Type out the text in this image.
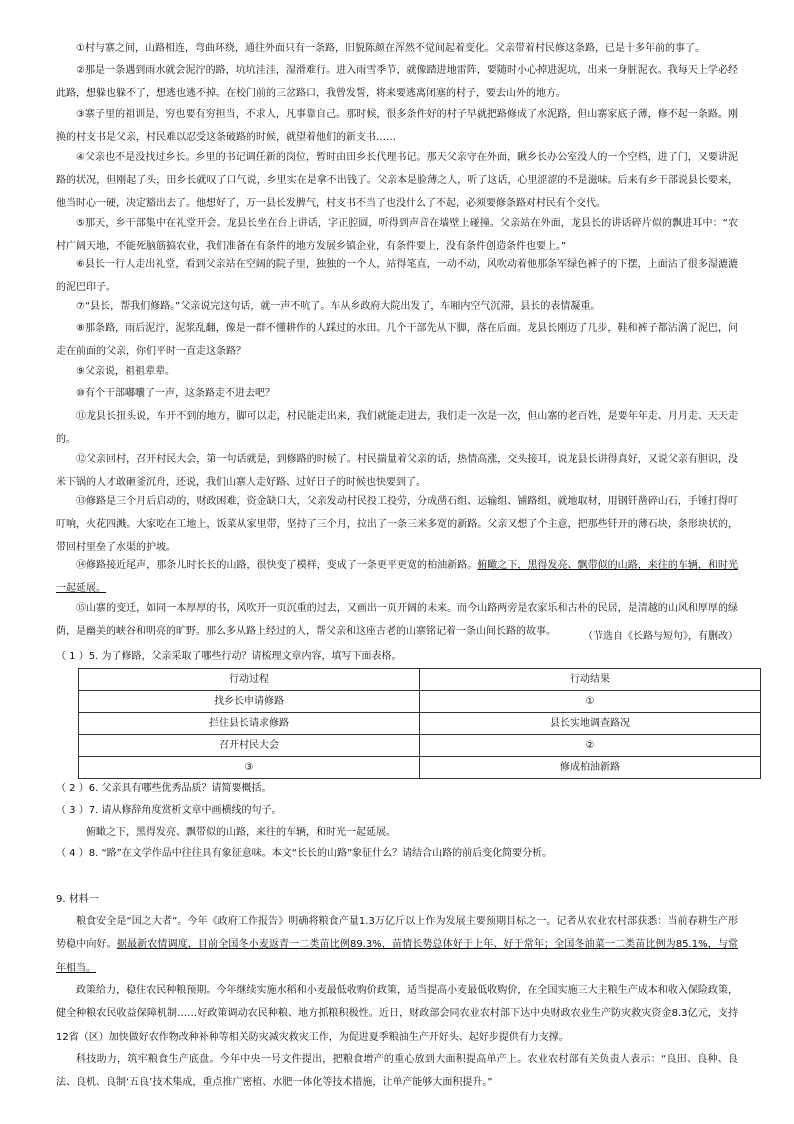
①村与寨之间，山路相连，弯曲环绕，通往外面只有一条路，旧貌陈颜在浑然不觉间起着变化。父亲带着村民修这条路，已是十多年前的事了。

②那是一条遇到雨水就会泥泞的路，坑坑洼洼，湿滑难行。进入雨雪季节，就像踏进地雷阵，要随时小心掉进泥坑，出来一身脏泥衣。我每天上学必经此路，想躲也躲不了，想逃也逃不掉。在校门前的三岔路口，我曾发誓，将来要逃离闭塞的村子，要去山外的地方。

③寨子里的祖训是，穷也要有穷担当，不求人，凡事靠自己。那时候，很多条件好的村子早就把路修成了水泥路，但山寨家底子薄，修不起一条路。刚换的村支书是父亲，村民难以忍受这条破路的时候，就望着他们的新支书……

④父亲也不是没找过乡长。乡里的书记调任新的岗位，暂时由田乡长代理书记。那天父亲守在外面，瞅乡长办公室没人的一个空档，进了门，又要讲泥路的状况，但刚起了头，田乡长就叹了口气说，乡里实在是拿不出钱了。父亲本是脸薄之人，听了这话，心里涩涩的不是滋味。后来有乡干部说县长要来，他当时心一硬，决定豁出去了。他想好了，万一县长发脾气，村支书不当了也没什么了不起，必须要修条路对村民有个交代。

⑤那天，乡干部集中在礼堂开会。龙县长坐在台上讲话，字正腔圆，听得到声音在墙壁上碰撞。父亲站在外面，龙县长的讲话碎片似的飘进耳中：“农村广阔天地，不能死脑筋搞农业，我们准备在有条件的地方发展乡镇企业，有条件要上，没有条件创造条件也要上。”

⑥县长一行人走出礼堂，看到父亲站在空阔的院子里，独独的一个人，站得笔直，一动不动，风吹动着他那条军绿色裤子的下摆，上面沾了很多湿漉漉的泥巴印子。

⑦“县长，帮我们修路。”父亲说完这句话，就一声不吭了。车从乡政府大院出发了，车厢内空气沉滞，县长的表情凝重。

⑧那条路，雨后泥泞，泥浆乱翻，像是一群不懂耕作的人踩过的水田。几个干部先从下脚，落在后面。龙县长刚迈了几步，鞋和裤子都沾满了泥巴，问走在前面的父亲，你们平时一直走这条路？

⑨父亲说，祖祖辈辈。

⑩有个干部嘟囔了一声，这条路走不进去吧？

⑪龙县长扭头说，车开不到的地方，脚可以走，村民能走出来，我们就能走进去，我们走一次是一次，但山寨的老百姓，是要年年走、月月走、天天走的。

⑫父亲回村，召开村民大会，第一句话就是，到修路的时候了。村民揣量着父亲的话，热情高涨，交头接耳，说龙县长讲得真好，又说父亲有胆识，没米下锅的人才敢砸釜沉舟，还说，我们山寨人走好路、过好日子的时候也快要到了。

⑬修路是三个月后启动的，财政困难，资金缺口大，父亲发动村民投工投劳，分成凿石组、运输组、铺路组，就地取材，用钢钎凿碎山石，手锤打得叮叮响，火花四溅。大家吃在工地上，饭菜从家里带，坚持了三个月，拉出了一条三米多宽的新路。父亲又想了个主意，把那些钎开的薄石块，条形块状的，带回村里垒了水渠的护坡。

⑭修路接近尾声，那条儿时长长的山路，很快变了模样，变成了一条更平更宽的柏油新路。俯瞰之下，黑得发亮、飘带似的山路，来往的车辆，和时光一起延展。

⑮山寨的变迁，如同一本厚厚的书，风吹开一页沉重的过去，又画出一页开阔的未来。而今山路两旁是农家乐和古朴的民居，是清越的山风和厚厚的绿荫，是幽美的峡谷和明亮的旷野。那么多从路上经过的人，帮父亲和这座古老的山寨铭记着一条山间长路的故事。	（节选自《长路与短句》，有删改）
（ 1 ）5. 为了修路，父亲采取了哪些行动？请梳理文章内容，填写下面表格。
行动过程	行动结果
找乡长申请修路	①
拦住县长请求修路	县长实地调查路况
召开村民大会	②
③	修成柏油新路
（ 2 ）6. 父亲具有哪些优秀品质？请简要概括。
（ 3 ）7. 请从修辞角度赏析文章中画横线的句子。
俯瞰之下，黑得发亮、飘带似的山路，来往的车辆，和时光一起延展。
（ 4 ）8. “路”在文学作品中往往具有象征意味。本文“长长的山路”象征什么？请结合山路的前后变化简要分析。
9. 材料一

粮食安全是“国之大者”。今年《政府工作报告》明确将粮食产量1.3万亿斤以上作为发展主要预期目标之一。记者从农业农村部获悉：当前春耕生产形势稳中向好。据最新农情调度，目前全国冬小麦返青一二类苗比例89.3%，苗情长势总体好于上年、好于常年；全国冬油菜一二类苗比例为85.1%，与常年相当。

政策给力，稳住农民种粮预期。今年继续实施水稻和小麦最低收购价政策，适当提高小麦最低收购价，在全国实施三大主粮生产成本和收入保险政策，健全种粮农民收益保障机制……好政策调动农民种粮、地方抓粮积极性。近日，财政部会同农业农村部下达中央财政农业生产防灾救灾资金8.3亿元，支持12省（区）加快做好农作物改种补种等相关防灾减灾救灾工作，为促进夏季粮油生产开好头、起好步提供有力支撑。

科技助力，筑牢粮食生产底盘。今年中央一号文件提出，把粮食增产的重心放到大面积提高单产上。农业农村部有关负责人表示：“良田、良种、良法、良机、良制‘五良’技术集成，重点推广密植、水肥一体化等技术措施，让单产能够大面积提升。”
